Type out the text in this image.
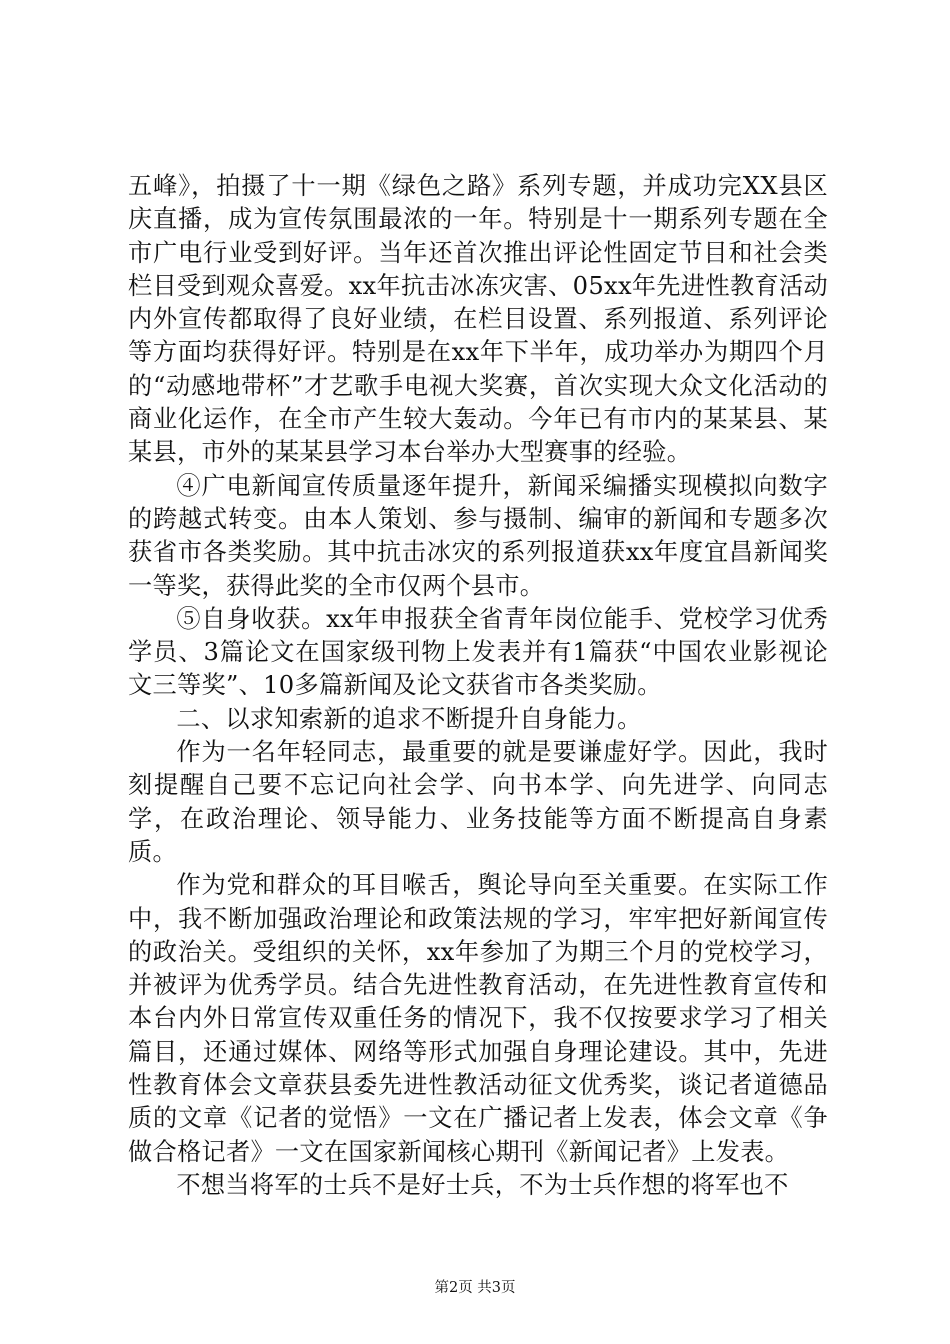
五峰》，拍摄了十一期《绿色之路》系列专题，并成功完XX县区庆直播，成为宣传氛围最浓的一年。特别是十一期系列专题在全市广电行业受到好评。当年还首次推出评论性固定节目和社会类栏目受到观众喜爱。xx年抗击冰冻灾害、05xx年先进性教育活动内外宣传都取得了良好业绩，在栏目设置、系列报道、系列评论等方面均获得好评。特别是在xx年下半年，成功举办为期四个月的“动感地带杯”才艺歌手电视大奖赛，首次实现大众文化活动的商业化运作，在全市产生较大轰动。今年已有市内的某某县、某某县，市外的某某县学习本台举办大型赛事的经验。

④广电新闻宣传质量逐年提升，新闻采编播实现模拟向数字的跨越式转变。由本人策划、参与摄制、编审的新闻和专题多次获省市各类奖励。其中抗击冰灾的系列报道获xx年度宜昌新闻奖一等奖，获得此奖的全市仅两个县市。

⑤自身收获。xx年申报获全省青年岗位能手、党校学习优秀学员、3篇论文在国家级刊物上发表并有1篇获“中国农业影视论文三等奖”、10多篇新闻及论文获省市各类奖励。

二、以求知索新的追求不断提升自身能力。

作为一名年轻同志，最重要的就是要谦虚好学。因此，我时刻提醒自己要不忘记向社会学、向书本学、向先进学、向同志学，在政治理论、领导能力、业务技能等方面不断提高自身素质。

作为党和群众的耳目喉舌，舆论导向至关重要。在实际工作中，我不断加强政治理论和政策法规的学习，牢牢把好新闻宣传的政治关。受组织的关怀，xx年参加了为期三个月的党校学习，并被评为优秀学员。结合先进性教育活动，在先进性教育宣传和本台内外日常宣传双重任务的情况下，我不仅按要求学习了相关篇目，还通过媒体、网络等形式加强自身理论建设。其中，先进性教育体会文章获县委先进性教活动征文优秀奖，谈记者道德品质的文章《记者的觉悟》一文在广播记者上发表，体会文章《争做合格记者》一文在国家新闻核心期刊《新闻记者》上发表。

不想当将军的士兵不是好士兵，不为士兵作想的将军也不

第2页 共3页
